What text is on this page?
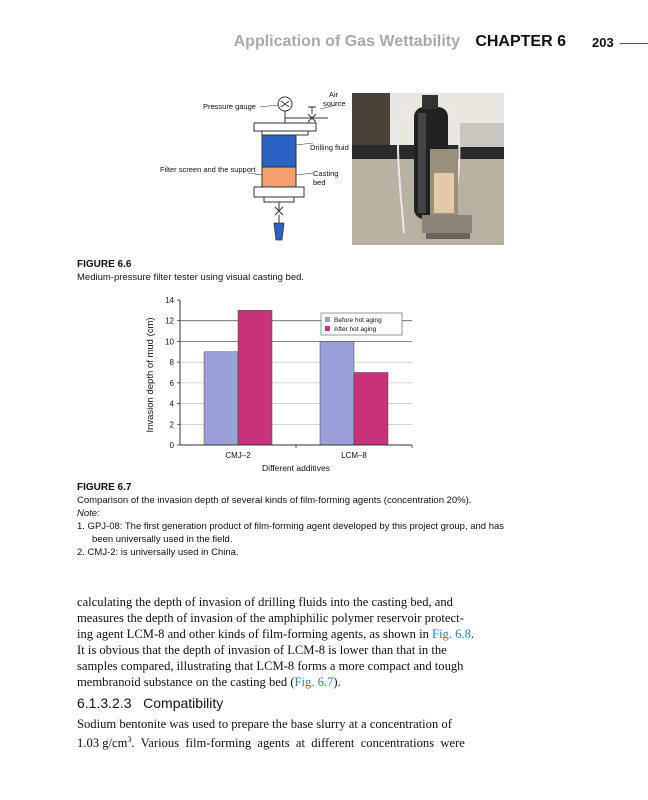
Application of Gas Wettability CHAPTER 6 203
Pressure gauge
Air
source
Drilling fluid
Filter screen and the support	Casting
bed
FIGURE 6.6
Medium-pressure filter tester using visual casting bed.
0
2
4
6
8
10
12
14
CMJ–2	LCM–8
Invasion depth of mud (cm)
Different additives
Before hot aging
After hot aging
FIGURE 6.7
Comparison of the invasion depth of several kinds of film-forming agents (concentration 20%).
Note:
1. GPJ-08: The first generation product of film-forming agent developed by this project group, and has
been universally used in the field.
2. CMJ-2: is universally used in China.
calculating the depth of invasion of drilling fluids into the casting bed, and
measures the depth of invasion of the amphiphilic polymer reservoir protect-
ing agent LCM-8 and other kinds of film-forming agents, as shown in Fig. 6.8.
It is obvious that the depth of invasion of LCM-8 is lower than that in the
samples compared, illustrating that LCM-8 forms a more compact and tough
membranoid substance on the casting bed (Fig. 6.7).
6.1.3.2.3   Compatibility
Sodium bentonite was used to prepare the base slurry at a concentration of
1.03 $g/cm^3$.  Various  film-forming  agents  at  different  concentrations  were
